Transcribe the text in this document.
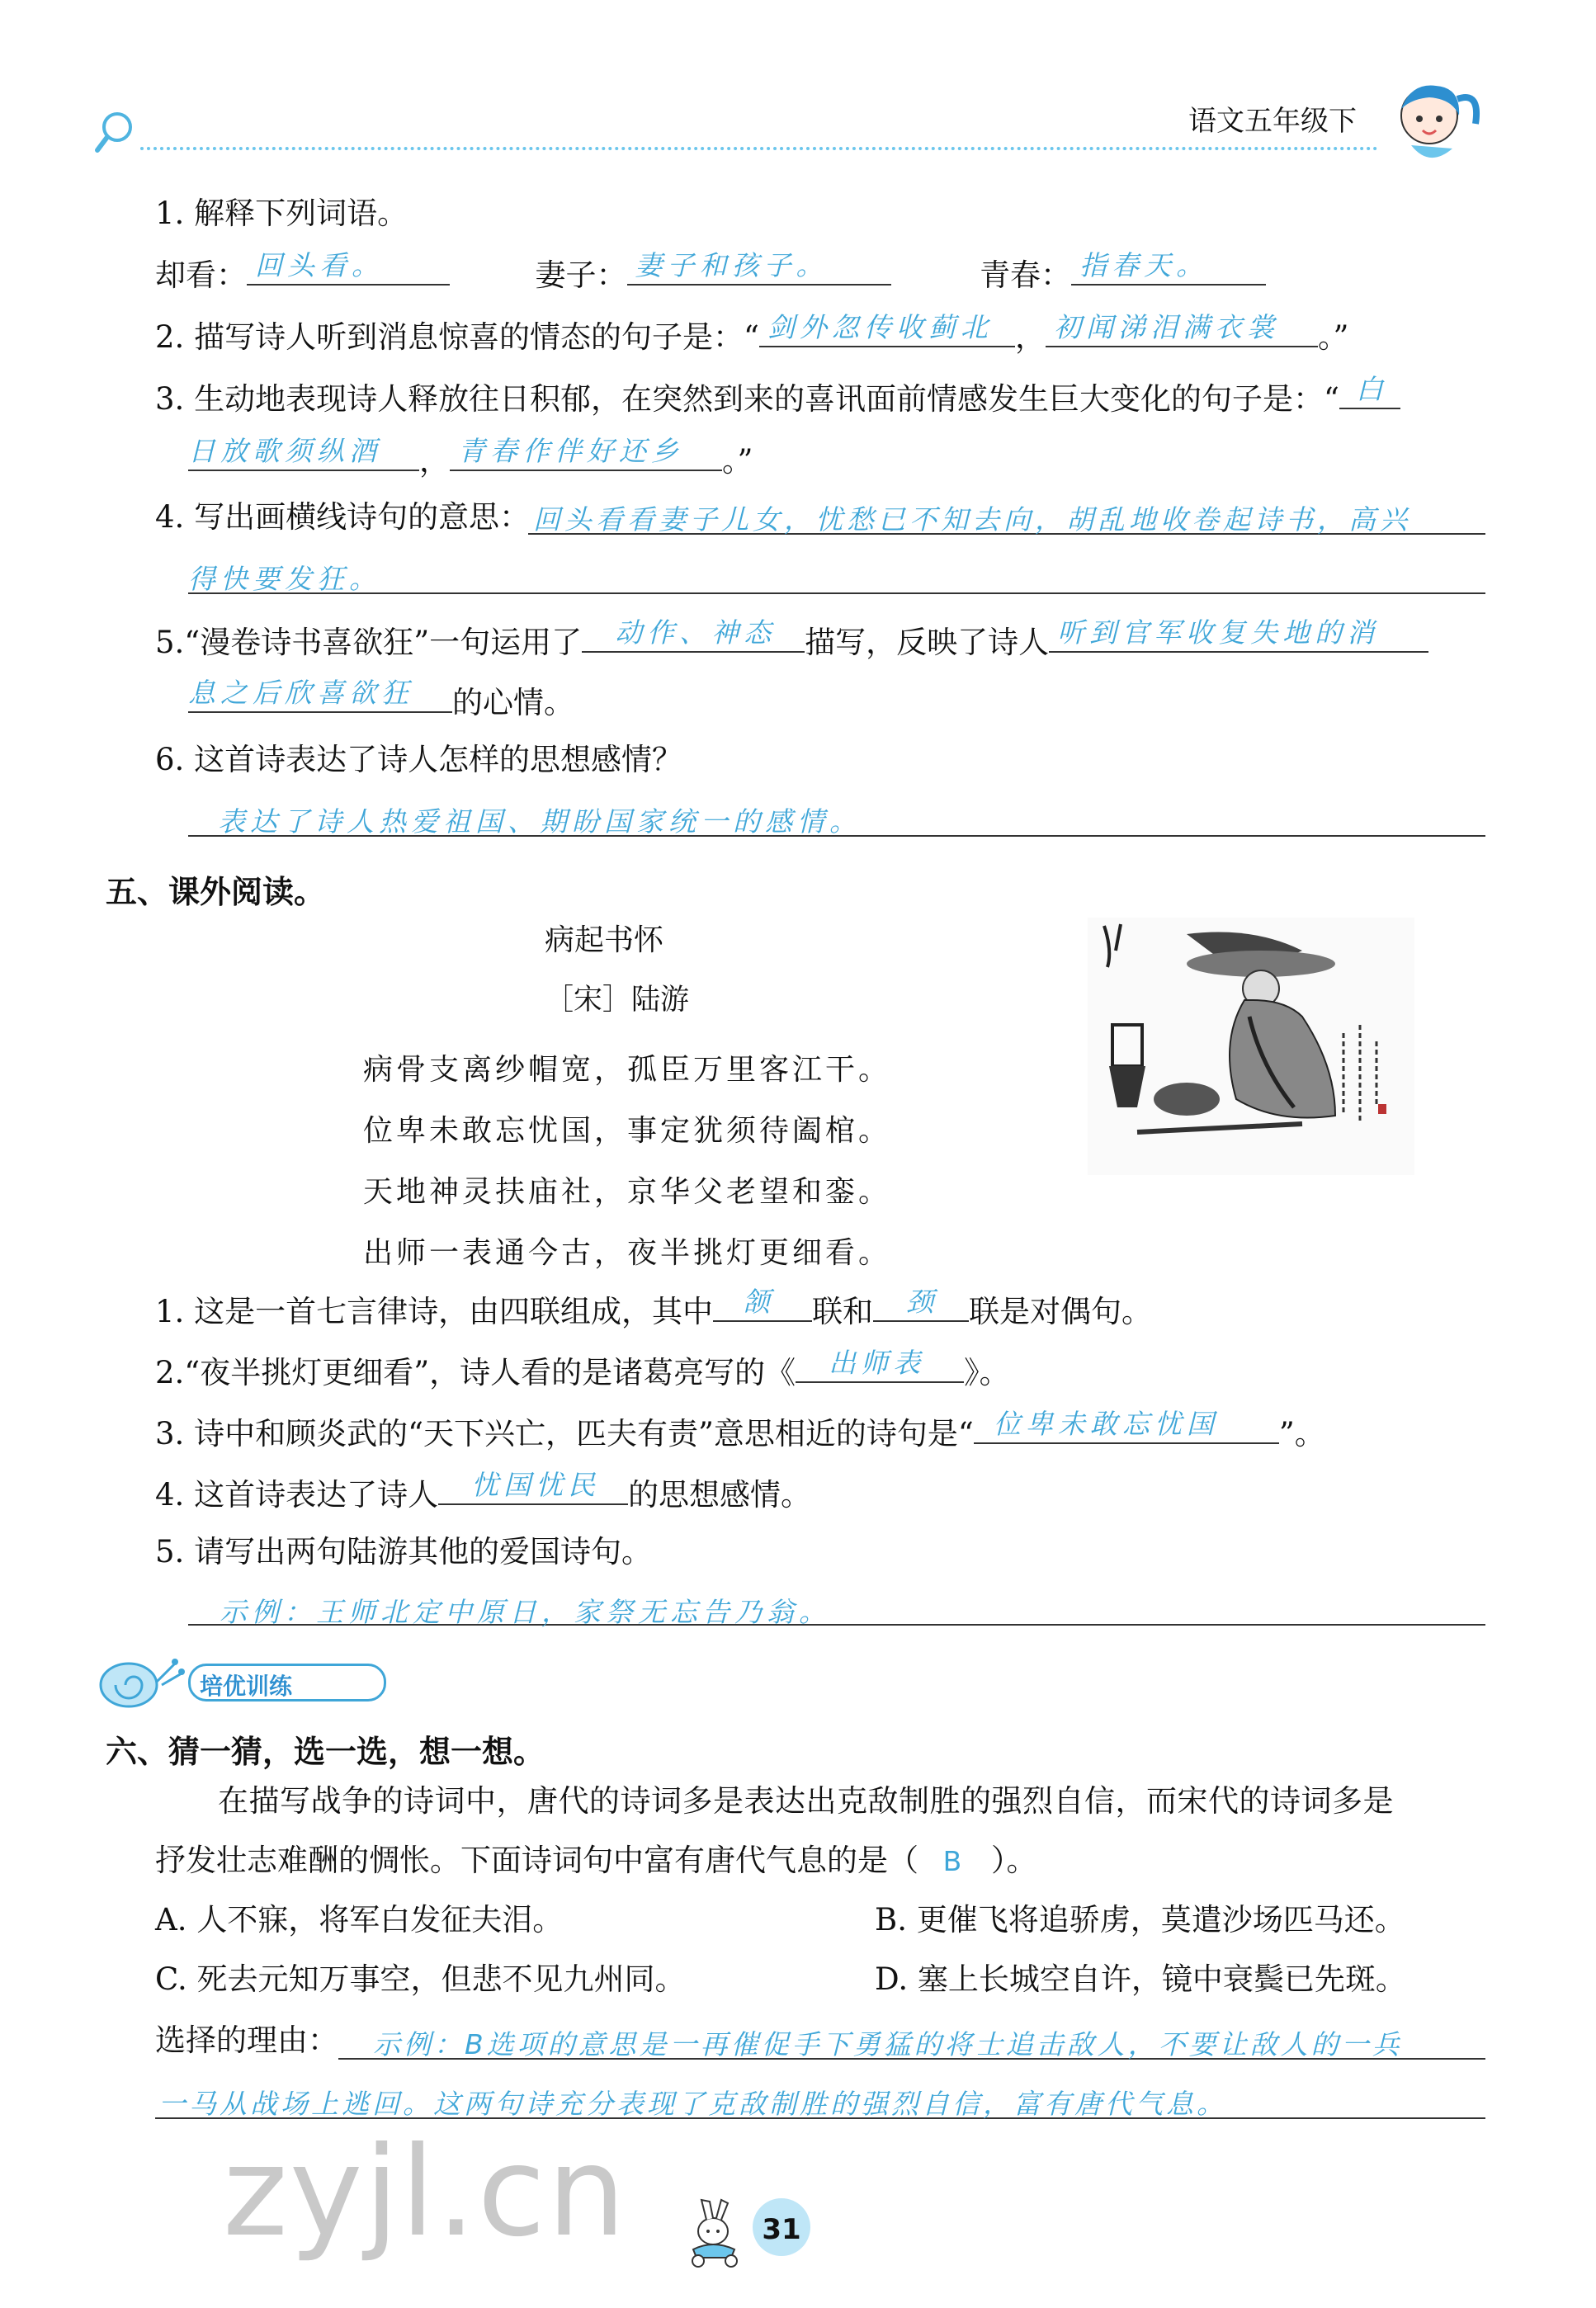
语文五年级下
1. 解释下列词语。
却看： 回头看。	妻子： 妻子和孩子。	青春： 指春天。
2. 描写诗人听到消息惊喜的情态的句子是：“ 剑外忽传收蓟北 ， 初闻涕泪满衣裳 。”
3. 生动地表现诗人释放往日积郁，在突然到来的喜讯面前情感发生巨大变化的句子是：“ 白
日放歌须纵酒 ， 青春作伴好还乡 。”
4. 写出画横线诗句的意思： 回头看看妻子儿女，忧愁已不知去向，胡乱地收卷起诗书，高兴
得快要发狂。
5.“漫卷诗书喜欲狂”一句运用了 动作、神态 描写，反映了诗人 听到官军收复失地的消
息之后欣喜欲狂 的心情。
6. 这首诗表达了诗人怎样的思想感情？
表达了诗人热爱祖国、期盼国家统一的感情。
五、课外阅读。
病起书怀
［宋］陆游
病骨支离纱帽宽，孤臣万里客江干。
位卑未敢忘忧国，事定犹须待阖棺。
天地神灵扶庙社，京华父老望和銮。
出师一表通今古，夜半挑灯更细看。
1. 这是一首七言律诗，由四联组成，其中 颔 联和 颈 联是对偶句。
2.“夜半挑灯更细看”，诗人看的是诸葛亮写的《 出师表 》。
3. 诗中和顾炎武的“天下兴亡，匹夫有责”意思相近的诗句是“ 位卑未敢忘忧国 ”。
4. 这首诗表达了诗人 忧国忧民 的思想感情。
5. 请写出两句陆游其他的爱国诗句。
示例：王师北定中原日，家祭无忘告乃翁。
培优训练
六、猜一猜，选一选，想一想。
在描写战争的诗词中，唐代的诗词多是表达出克敌制胜的强烈自信，而宋代的诗词多是
抒发壮志难酬的惆怅。下面诗词句中富有唐代气息的是（ B ）。
A. 人不寐，将军白发征夫泪。	B. 更催飞将追骄虏，莫遣沙场匹马还。
C. 死去元知万事空，但悲不见九州同。	D. 塞上长城空自许，镜中衰鬓已先斑。
选择的理由： 示例：B选项的意思是一再催促手下勇猛的将士追击敌人，不要让敌人的一兵
一马从战场上逃回。这两句诗充分表现了克敌制胜的强烈自信，富有唐代气息。
zyjl.cn	31
